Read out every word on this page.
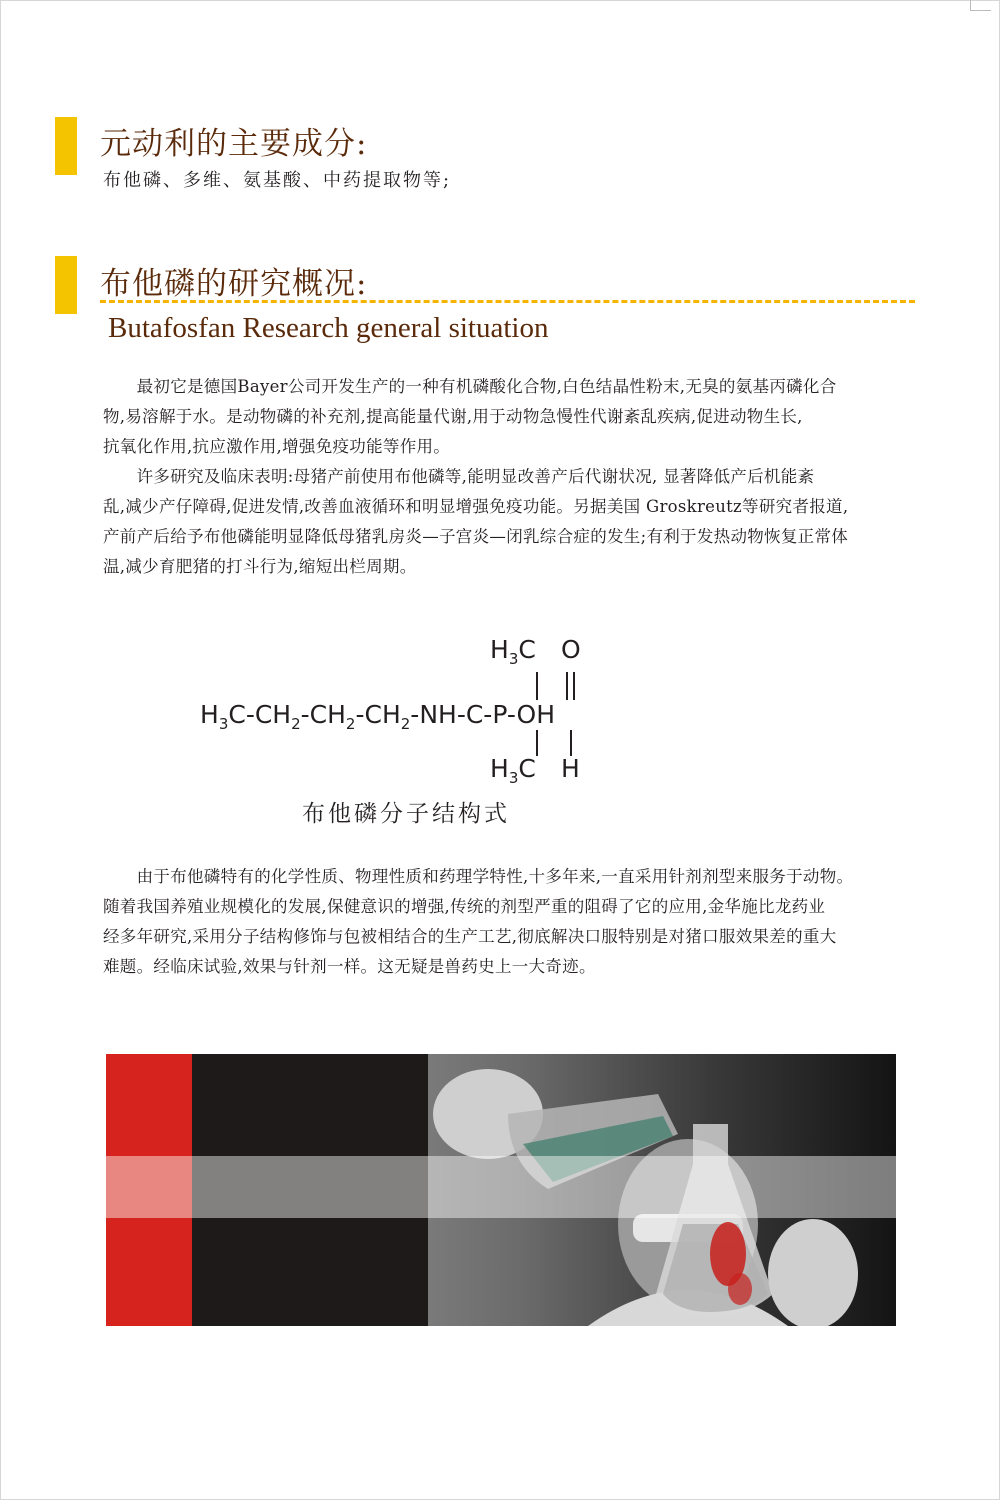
元动利的主要成分:
布他磷、多维、氨基酸、中药提取物等;
布他磷的研究概况:
Butafosfan Research general situation
　　最初它是德国Bayer公司开发生产的一种有机磷酸化合物,白色结晶性粉末,无臭的氨基丙磷化合
物,易溶解于水。是动物磷的补充剂,提高能量代谢,用于动物急慢性代谢紊乱疾病,促进动物生长,
抗氧化作用,抗应激作用,增强免疫功能等作用。
　　许多研究及临床表明:母猪产前使用布他磷等,能明显改善产后代谢状况, 显著降低产后机能紊
乱,减少产仔障碍,促进发情,改善血液循环和明显增强免疫功能。另据美国 Groskreutz等研究者报道,
产前产后给予布他磷能明显降低母猪乳房炎—子宫炎—闭乳综合症的发生;有利于发热动物恢复正常体
温,减少育肥猪的打斗行为,缩短出栏周期。
$H_3C$ O
$H_3C-CH_2-CH_2-CH_2-NH-C-P-OH$
$H_3C$ H
布他磷分子结构式
　　由于布他磷特有的化学性质、物理性质和药理学特性,十多年来,一直采用针剂剂型来服务于动物。
随着我国养殖业规模化的发展,保健意识的增强,传统的剂型严重的阻碍了它的应用,金华施比龙药业
经多年研究,采用分子结构修饰与包被相结合的生产工艺,彻底解决口服特别是对猪口服效果差的重大
难题。经临床试验,效果与针剂一样。这无疑是兽药史上一大奇迹。
